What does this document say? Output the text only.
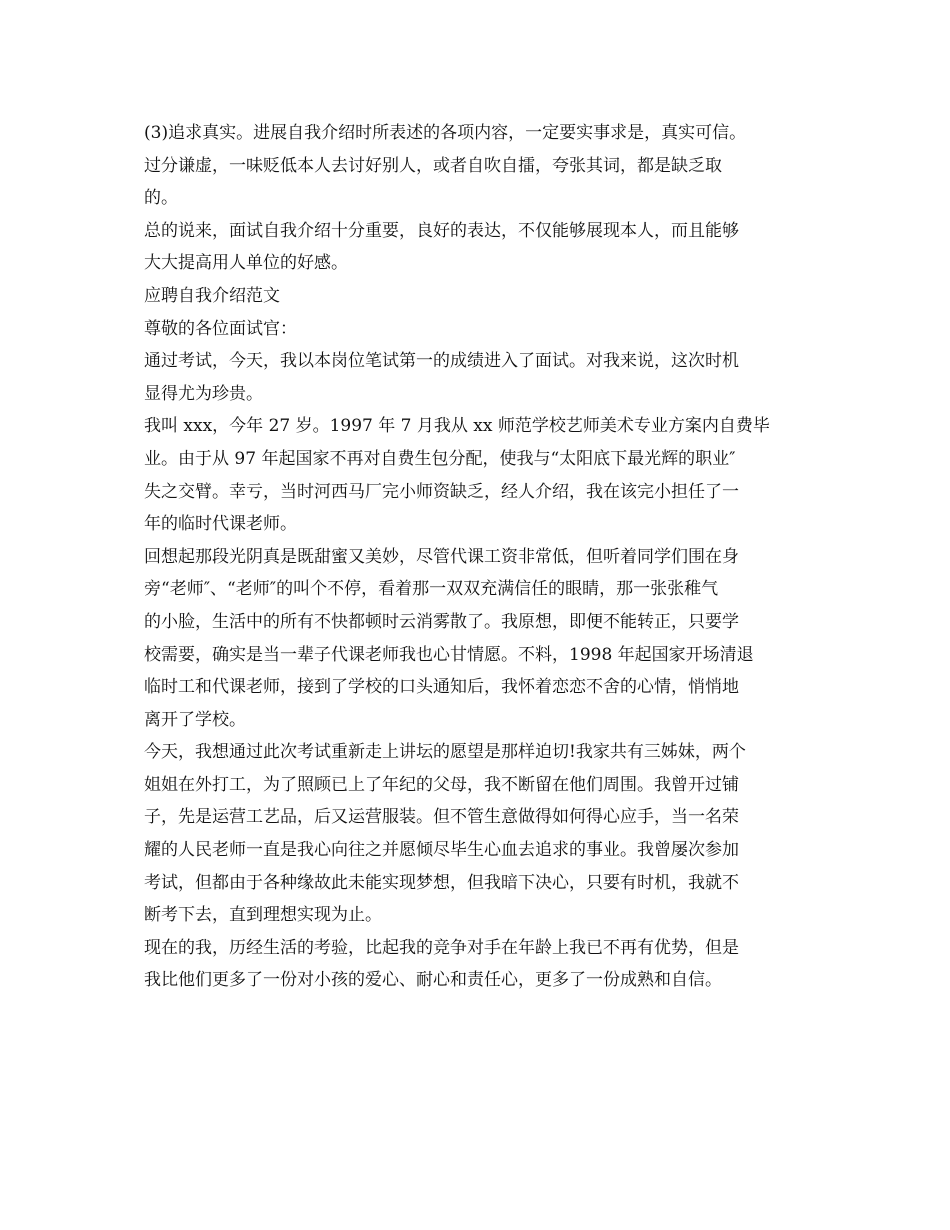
(3)追求真实。进展自我介绍时所表述的各项内容，一定要实事求是，真实可信。
过分谦虚，一味贬低本人去讨好别人，或者自吹自擂，夸张其词，都是缺乏取
的。

总的说来，面试自我介绍十分重要，良好的表达，不仅能够展现本人，而且能够
大大提高用人单位的好感。

应聘自我介绍范文

尊敬的各位面试官：

通过考试，今天，我以本岗位笔试第一的成绩进入了面试。对我来说，这次时机
显得尤为珍贵。

我叫 xxx，今年 27 岁。1997 年 7 月我从 xx 师范学校艺师美术专业方案内自费毕
业。由于从 97 年起国家不再对自费生包分配，使我与“太阳底下最光辉的职业″
失之交臂。幸亏，当时河西马厂完小师资缺乏，经人介绍，我在该完小担任了一
年的临时代课老师。

回想起那段光阴真是既甜蜜又美妙，尽管代课工资非常低，但听着同学们围在身
旁“老师″、“老师″的叫个不停，看着那一双双充满信任的眼睛，那一张张稚气
的小脸，生活中的所有不快都顿时云消雾散了。我原想，即便不能转正，只要学
校需要，确实是当一辈子代课老师我也心甘情愿。不料，1998 年起国家开场清退
临时工和代课老师，接到了学校的口头通知后，我怀着恋恋不舍的心情，悄悄地
离开了学校。

今天，我想通过此次考试重新走上讲坛的愿望是那样迫切!我家共有三姊妹，两个
姐姐在外打工，为了照顾已上了年纪的父母，我不断留在他们周围。我曾开过铺
子，先是运营工艺品，后又运营服装。但不管生意做得如何得心应手，当一名荣
耀的人民老师一直是我心向往之并愿倾尽毕生心血去追求的事业。我曾屡次参加
考试，但都由于各种缘故此未能实现梦想，但我暗下决心，只要有时机，我就不
断考下去，直到理想实现为止。

现在的我，历经生活的考验，比起我的竞争对手在年龄上我已不再有优势，但是
我比他们更多了一份对小孩的爱心、耐心和责任心，更多了一份成熟和自信。
